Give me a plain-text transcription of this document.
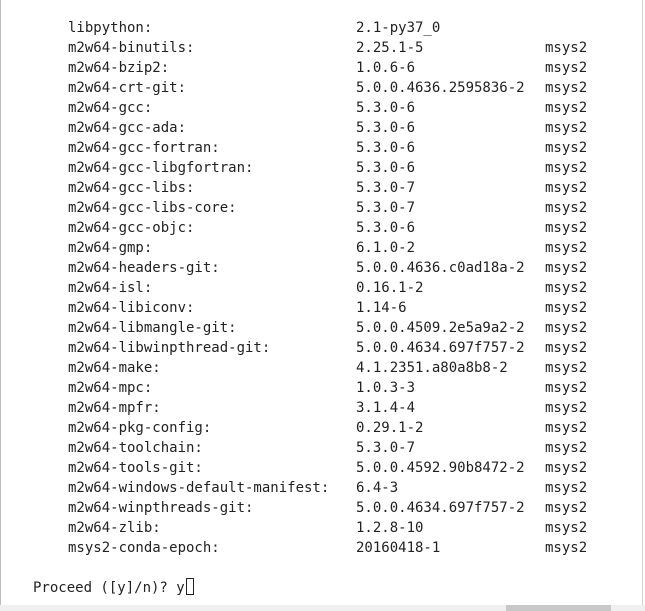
libpython:	2.1-py37_0
m2w64-binutils:	2.25.1-5	msys2
m2w64-bzip2:	1.0.6-6	msys2
m2w64-crt-git:	5.0.0.4636.2595836-2 msys2
m2w64-gcc:	5.3.0-6	msys2
m2w64-gcc-ada:	5.3.0-6	msys2
m2w64-gcc-fortran:	5.3.0-6	msys2
m2w64-gcc-libgfortran:	5.3.0-6	msys2
m2w64-gcc-libs:	5.3.0-7	msys2
m2w64-gcc-libs-core:	5.3.0-7	msys2
m2w64-gcc-objc:	5.3.0-6	msys2
m2w64-gmp:	6.1.0-2	msys2
m2w64-headers-git:	5.0.0.4636.c0ad18a-2 msys2
m2w64-isl:	0.16.1-2	msys2
m2w64-libiconv:	1.14-6	msys2
m2w64-libmangle-git:	5.0.0.4509.2e5a9a2-2 msys2
m2w64-libwinpthread-git:	5.0.0.4634.697f757-2 msys2
m2w64-make:	4.1.2351.a80a8b8-2	msys2
m2w64-mpc:	1.0.3-3	msys2
m2w64-mpfr:	3.1.4-4	msys2
m2w64-pkg-config:	0.29.1-2	msys2
m2w64-toolchain:	5.3.0-7	msys2
m2w64-tools-git:	5.0.0.4592.90b8472-2 msys2
m2w64-windows-default-manifest: 6.4-3	msys2
m2w64-winpthreads-git:	5.0.0.4634.697f757-2 msys2
m2w64-zlib:	1.2.8-10	msys2
msys2-conda-epoch:	20160418-1	msys2
Proceed ([y]/n)? y
